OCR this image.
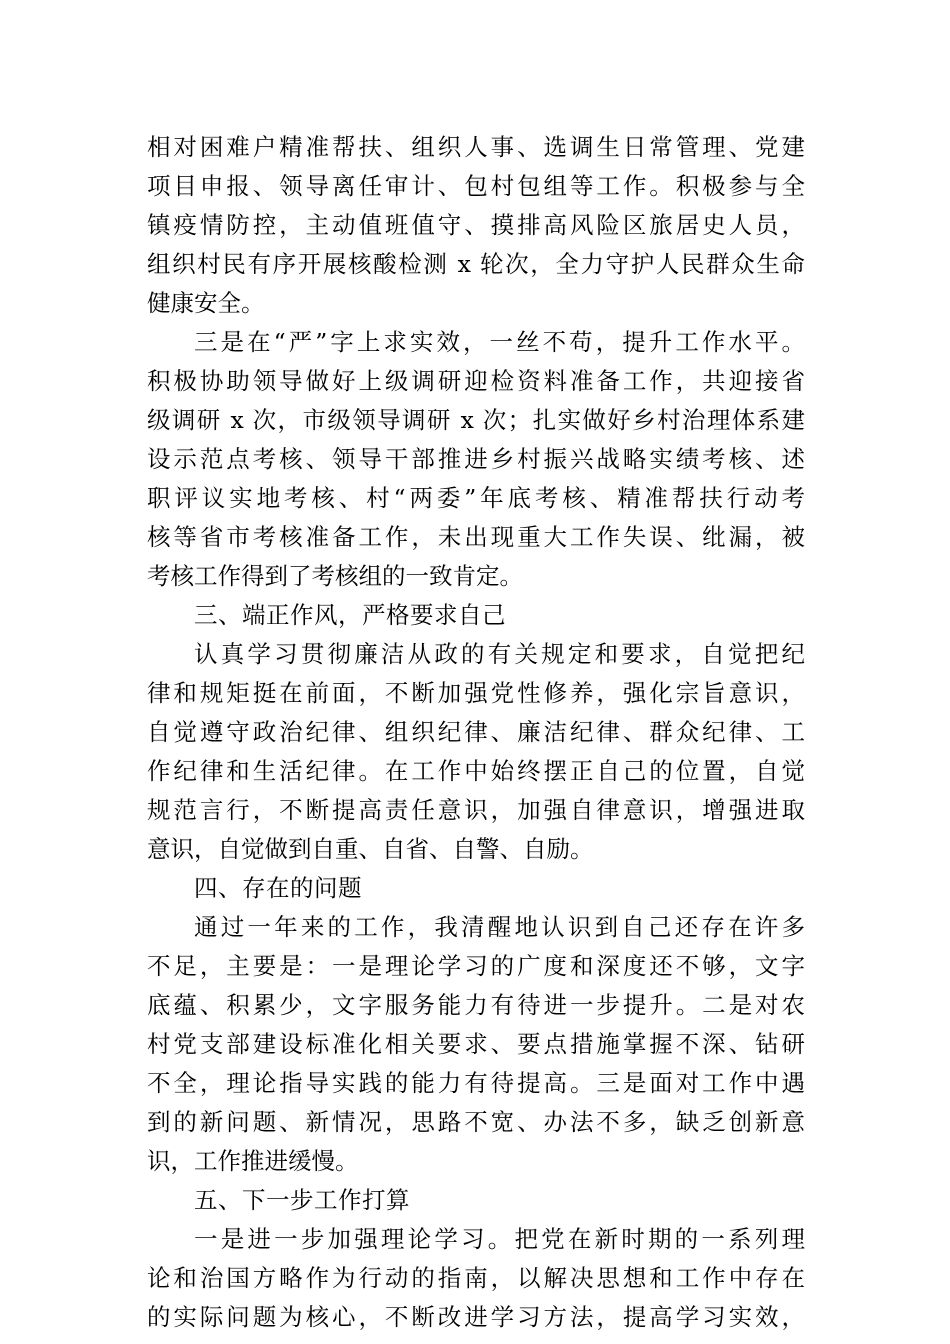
相对困难户精准帮扶、组织人事、选调生日常管理、党建
项目申报、领导离任审计、包村包组等工作。积极参与全
镇疫情防控，主动值班值守、摸排高风险区旅居史人员，
组织村民有序开展核酸检测 x 轮次，全力守护人民群众生命
健康安全。
三是在“严”字上求实效，一丝不苟，提升工作水平。
积极协助领导做好上级调研迎检资料准备工作，共迎接省
级调研 x 次，市级领导调研 x 次；扎实做好乡村治理体系建
设示范点考核、领导干部推进乡村振兴战略实绩考核、述
职评议实地考核、村“两委”年底考核、精准帮扶行动考
核等省市考核准备工作，未出现重大工作失误、纰漏，被
考核工作得到了考核组的一致肯定。
三、端正作风，严格要求自己
认真学习贯彻廉洁从政的有关规定和要求，自觉把纪
律和规矩挺在前面，不断加强党性修养，强化宗旨意识，
自觉遵守政治纪律、组织纪律、廉洁纪律、群众纪律、工
作纪律和生活纪律。在工作中始终摆正自己的位置，自觉
规范言行，不断提高责任意识，加强自律意识，增强进取
意识，自觉做到自重、自省、自警、自励。
四、存在的问题
通过一年来的工作，我清醒地认识到自己还存在许多
不足，主要是：一是理论学习的广度和深度还不够，文字
底蕴、积累少，文字服务能力有待进一步提升。二是对农
村党支部建设标准化相关要求、要点措施掌握不深、钻研
不全，理论指导实践的能力有待提高。三是面对工作中遇
到的新问题、新情况，思路不宽、办法不多，缺乏创新意
识，工作推进缓慢。
五、下一步工作打算
一是进一步加强理论学习。把党在新时期的一系列理
论和治国方略作为行动的指南，以解决思想和工作中存在
的实际问题为核心，不断改进学习方法，提高学习实效，
